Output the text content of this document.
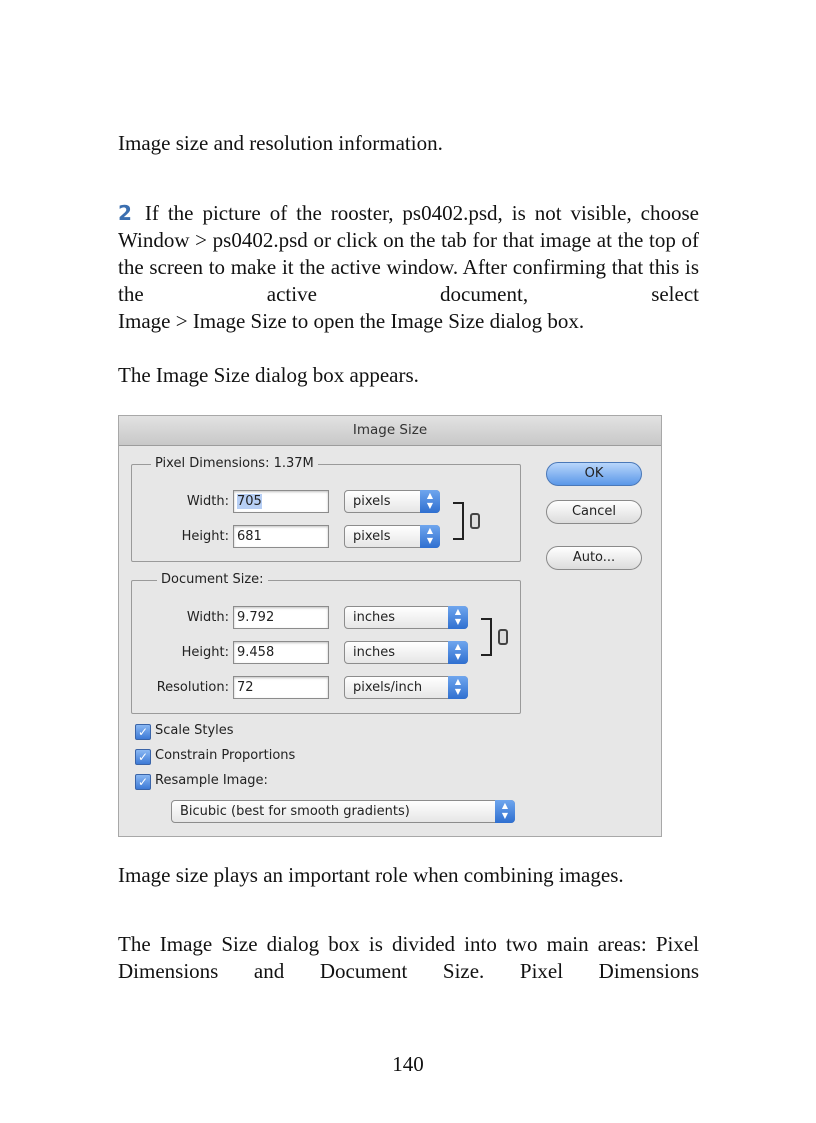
Image size and resolution information.

2 If the picture of the rooster, ps0402.psd, is not visible, choose Window > ps0402.psd or click on the tab for that image at the top of the screen to make it the active window. After confirming that this is the active document, select
Image > Image Size to open the Image Size dialog box.

The Image Size dialog box appears.

Image Size
Pixel Dimensions: 1.37M
Width: 705	pixels	▲
▼
Height: 681	pixels	▲
▼
Document Size:
Width: 9.792	inches	▲
▼
Height: 9.458	inches	▲
▼
Resolution: 72	pixels/inch	▲
▼
OK
Cancel
Auto...
✓ Scale Styles
✓ Constrain Proportions
✓ Resample Image:
Bicubic (best for smooth gradients)	▲
▼

Image size plays an important role when combining images.

The Image Size dialog box is divided into two main areas: Pixel Dimensions and Document Size. Pixel Dimensions

140
